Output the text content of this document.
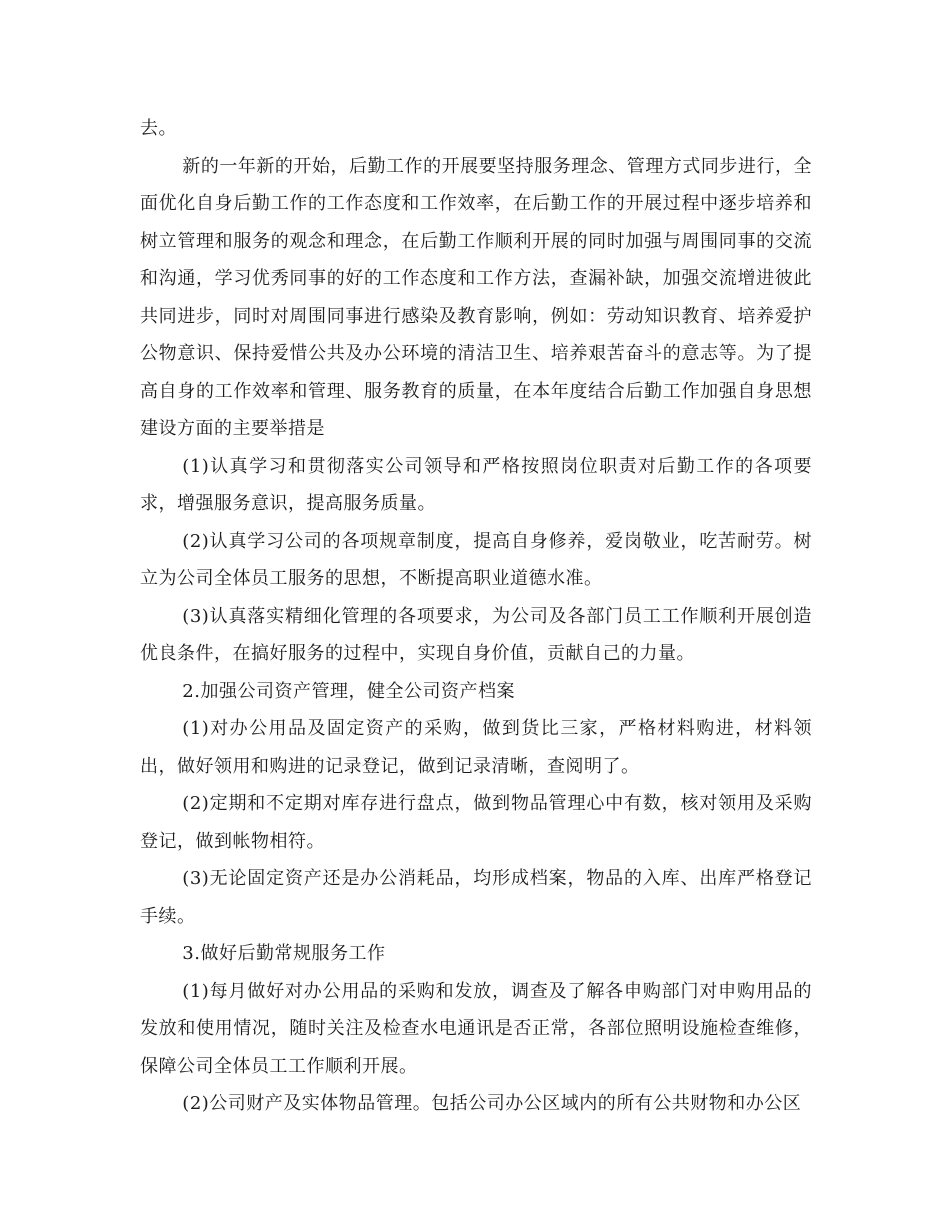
去。

新的一年新的开始，后勤工作的开展要坚持服务理念、管理方式同步进行，全面优化自身后勤工作的工作态度和工作效率，在后勤工作的开展过程中逐步培养和树立管理和服务的观念和理念，在后勤工作顺利开展的同时加强与周围同事的交流和沟通，学习优秀同事的好的工作态度和工作方法，查漏补缺，加强交流增进彼此共同进步，同时对周围同事进行感染及教育影响，例如：劳动知识教育、培养爱护公物意识、保持爱惜公共及办公环境的清洁卫生、培养艰苦奋斗的意志等。为了提高自身的工作效率和管理、服务教育的质量，在本年度结合后勤工作加强自身思想建设方面的主要举措是

(1)认真学习和贯彻落实公司领导和严格按照岗位职责对后勤工作的各项要求，增强服务意识，提高服务质量。

(2)认真学习公司的各项规章制度，提高自身修养，爱岗敬业，吃苦耐劳。树立为公司全体员工服务的思想，不断提高职业道德水准。

(3)认真落实精细化管理的各项要求，为公司及各部门员工工作顺利开展创造优良条件，在搞好服务的过程中，实现自身价值，贡献自己的力量。

2.加强公司资产管理，健全公司资产档案

(1)对办公用品及固定资产的采购，做到货比三家，严格材料购进，材料领出，做好领用和购进的记录登记，做到记录清晰，查阅明了。

(2)定期和不定期对库存进行盘点，做到物品管理心中有数，核对领用及采购登记，做到帐物相符。

(3)无论固定资产还是办公消耗品，均形成档案，物品的入库、出库严格登记手续。

3.做好后勤常规服务工作

(1)每月做好对办公用品的采购和发放，调查及了解各申购部门对申购用品的发放和使用情况，随时关注及检查水电通讯是否正常，各部位照明设施检查维修，保障公司全体员工工作顺利开展。

(2)公司财产及实体物品管理。包括公司办公区域内的所有公共财物和办公区
